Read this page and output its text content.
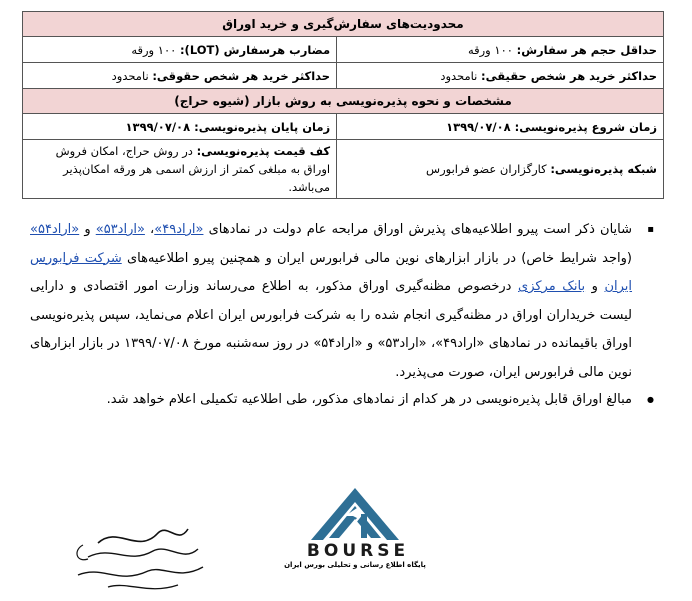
محدودیت‌های سفارش‌گیری و خرید اوراق	
حداقل حجم هر سفارش: ۱۰۰ ورقه	مضارب هرسفارش (LOT): ۱۰۰ ورقه
حداکثر خرید هر شخص حقیقی: نامحدود	حداکثر خرید هر شخص حقوقی: نامحدود
مشخصات و نحوه پذیره‌نویسی به روش بازار (شیوه حراج)	
زمان شروع پذیره‌نویسی: ۱۳۹۹/۰۷/۰۸	زمان پایان پذیره‌نویسی: ۱۳۹۹/۰۷/۰۸
شبکه پذیره‌نویسی: کارگزاران عضو فرابورس	کف قیمت پذیره‌نویسی: در روش حراج، امکان فروش اوراق به مبلغی کمتر از ارزش اسمی هر ورقه امکان‌پذیر می‌باشد.

▪
شایان ذکر است پیرو اطلاعیه‌های پذیرش اوراق مرابحه عام دولت در نمادهای «اراد۴۹»، «اراد۵۳» و «اراد۵۴» (واجد شرایط خاص) در بازار ابزارهای نوین مالی فرابورس ایران و همچنین پیرو اطلاعیه‌های شرکت فرابورس ایران و بانک مرکزی درخصوص مظنه‌گیری اوراق مذکور، به اطلاع می‌رساند وزارت امور اقتصادی و دارایی لیست خریداران اوراق در مظنه‌گیری انجام شده را به شرکت فرابورس ایران اعلام می‌نماید، سپس پذیره‌نویسی اوراق باقیمانده در نمادهای «اراد۴۹»، «اراد۵۳» و «اراد۵۴» در روز سه‌شنبه مورخ ۱۳۹۹/۰۷/۰۸ در بازار ابزارهای نوین مالی فرابورس ایران، صورت می‌پذیرد.

●
مبالغ اوراق قابل پذیره‌نویسی در هر کدام از نمادهای مذکور، طی اطلاعیه تکمیلی اعلام خواهد شد.

BOURSE
پایگاه اطلاع رسانی و تحلیلی بورس ایران
